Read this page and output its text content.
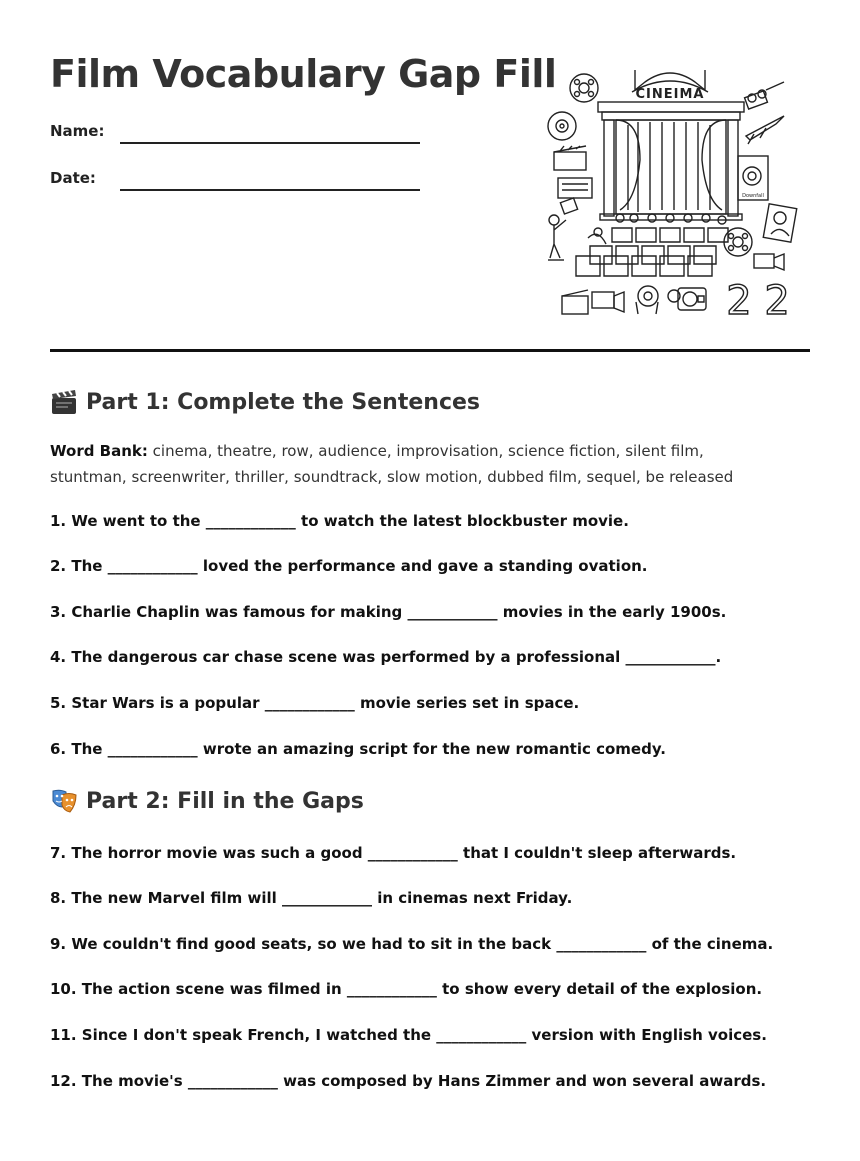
Film Vocabulary Gap Fill
Name:
Date:
CINEIMA
Downfall
2 2
Part 1: Complete the Sentences
Word Bank: cinema, theatre, row, audience, improvisation, science fiction, silent film, stuntman, screenwriter, thriller, soundtrack, slow motion, dubbed film, sequel, be released
1. We went to the ____________ to watch the latest blockbuster movie.
2. The ____________ loved the performance and gave a standing ovation.
3. Charlie Chaplin was famous for making ____________ movies in the early 1900s.
4. The dangerous car chase scene was performed by a professional ____________.
5. Star Wars is a popular ____________ movie series set in space.
6. The ____________ wrote an amazing script for the new romantic comedy.
Part 2: Fill in the Gaps
7. The horror movie was such a good ____________ that I couldn't sleep afterwards.
8. The new Marvel film will ____________ in cinemas next Friday.
9. We couldn't find good seats, so we had to sit in the back ____________ of the cinema.
10. The action scene was filmed in ____________ to show every detail of the explosion.
11. Since I don't speak French, I watched the ____________ version with English voices.
12. The movie's ____________ was composed by Hans Zimmer and won several awards.
